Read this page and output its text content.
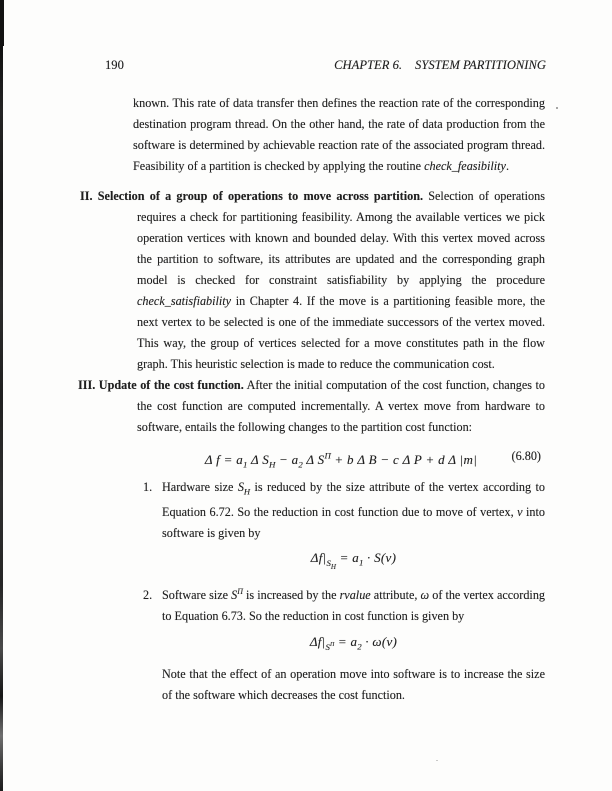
190	CHAPTER 6. SYSTEM PARTITIONING
known. This rate of data transfer then defines the reaction rate of the corresponding destination program thread. On the other hand, the rate of data production from the software is determined by achievable reaction rate of the associated program thread. Feasibility of a partition is checked by applying the routine check_feasibility.
II. Selection of a group of operations to move across partition. Selection of operations requires a check for partitioning feasibility. Among the available vertices we pick operation vertices with known and bounded delay. With this vertex moved across the partition to software, its attributes are updated and the corresponding graph model is checked for constraint satisfiability by applying the procedure check_satisfiability in Chapter 4. If the move is a partitioning feasible more, the next vertex to be selected is one of the immediate successors of the vertex moved. This way, the group of vertices selected for a move constitutes path in the flow graph. This heuristic selection is made to reduce the communication cost.
III. Update of the cost function. After the initial computation of the cost function, changes to the cost function are computed incrementally. A vertex move from hardware to software, entails the following changes to the partition cost function:
Δ $f = a_1$ Δ $S_H - a_2$ Δ $S^\Pi + b$ Δ B − c Δ P + d Δ |m|	(6.80)
1. Hardware size $S_H$ is reduced by the size attribute of the vertex according to Equation 6.72. So the reduction in cost function due to move of vertex, v into software is given by
$\Delta f|_{S_H} = a_1 \cdot S(v)$
2. Software size $S^\Pi$ is increased by the rvalue attribute, ω of the vertex according to Equation 6.73. So the reduction in cost function is given by
$\Delta f|_{S^\Pi} = a_2 \cdot \omega(v)$
Note that the effect of an operation move into software is to increase the size of the software which decreases the cost function.
